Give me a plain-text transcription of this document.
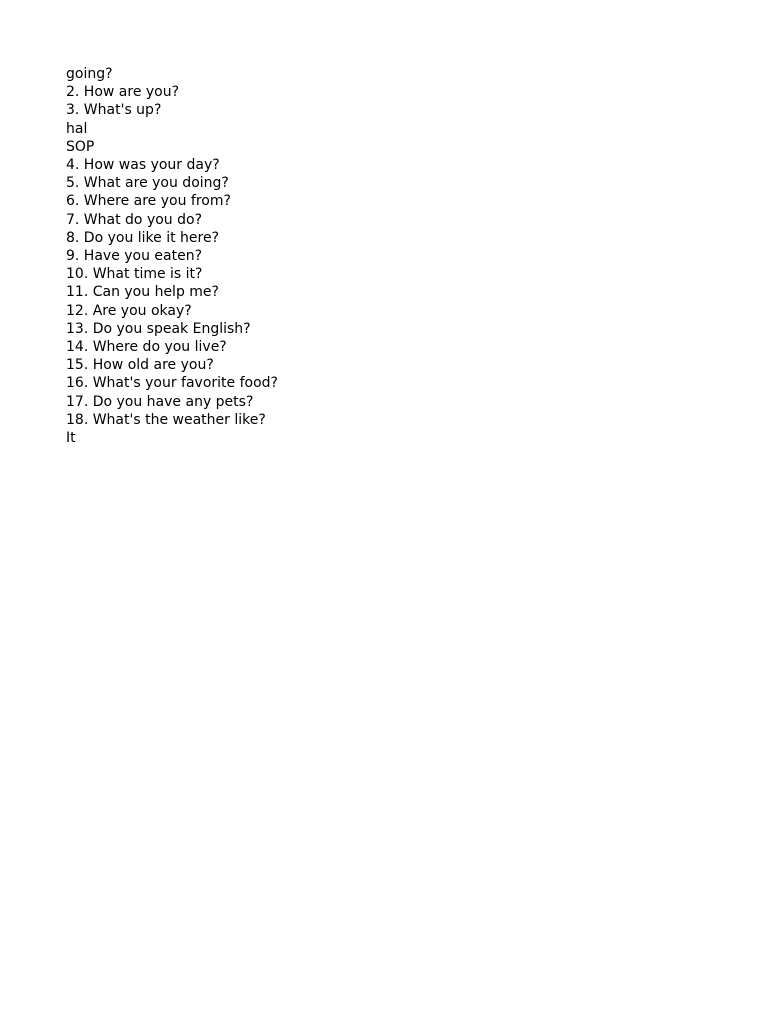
going?
2. How are you?
3. What's up?
hal
SOP
4. How was your day?
5. What are you doing?
6. Where are you from?
7. What do you do?
8. Do you like it here?
9. Have you eaten?
10. What time is it?
11. Can you help me?
12. Are you okay?
13. Do you speak English?
14. Where do you live?
15. How old are you?
16. What's your favorite food?
17. Do you have any pets?
18. What's the weather like?
It
